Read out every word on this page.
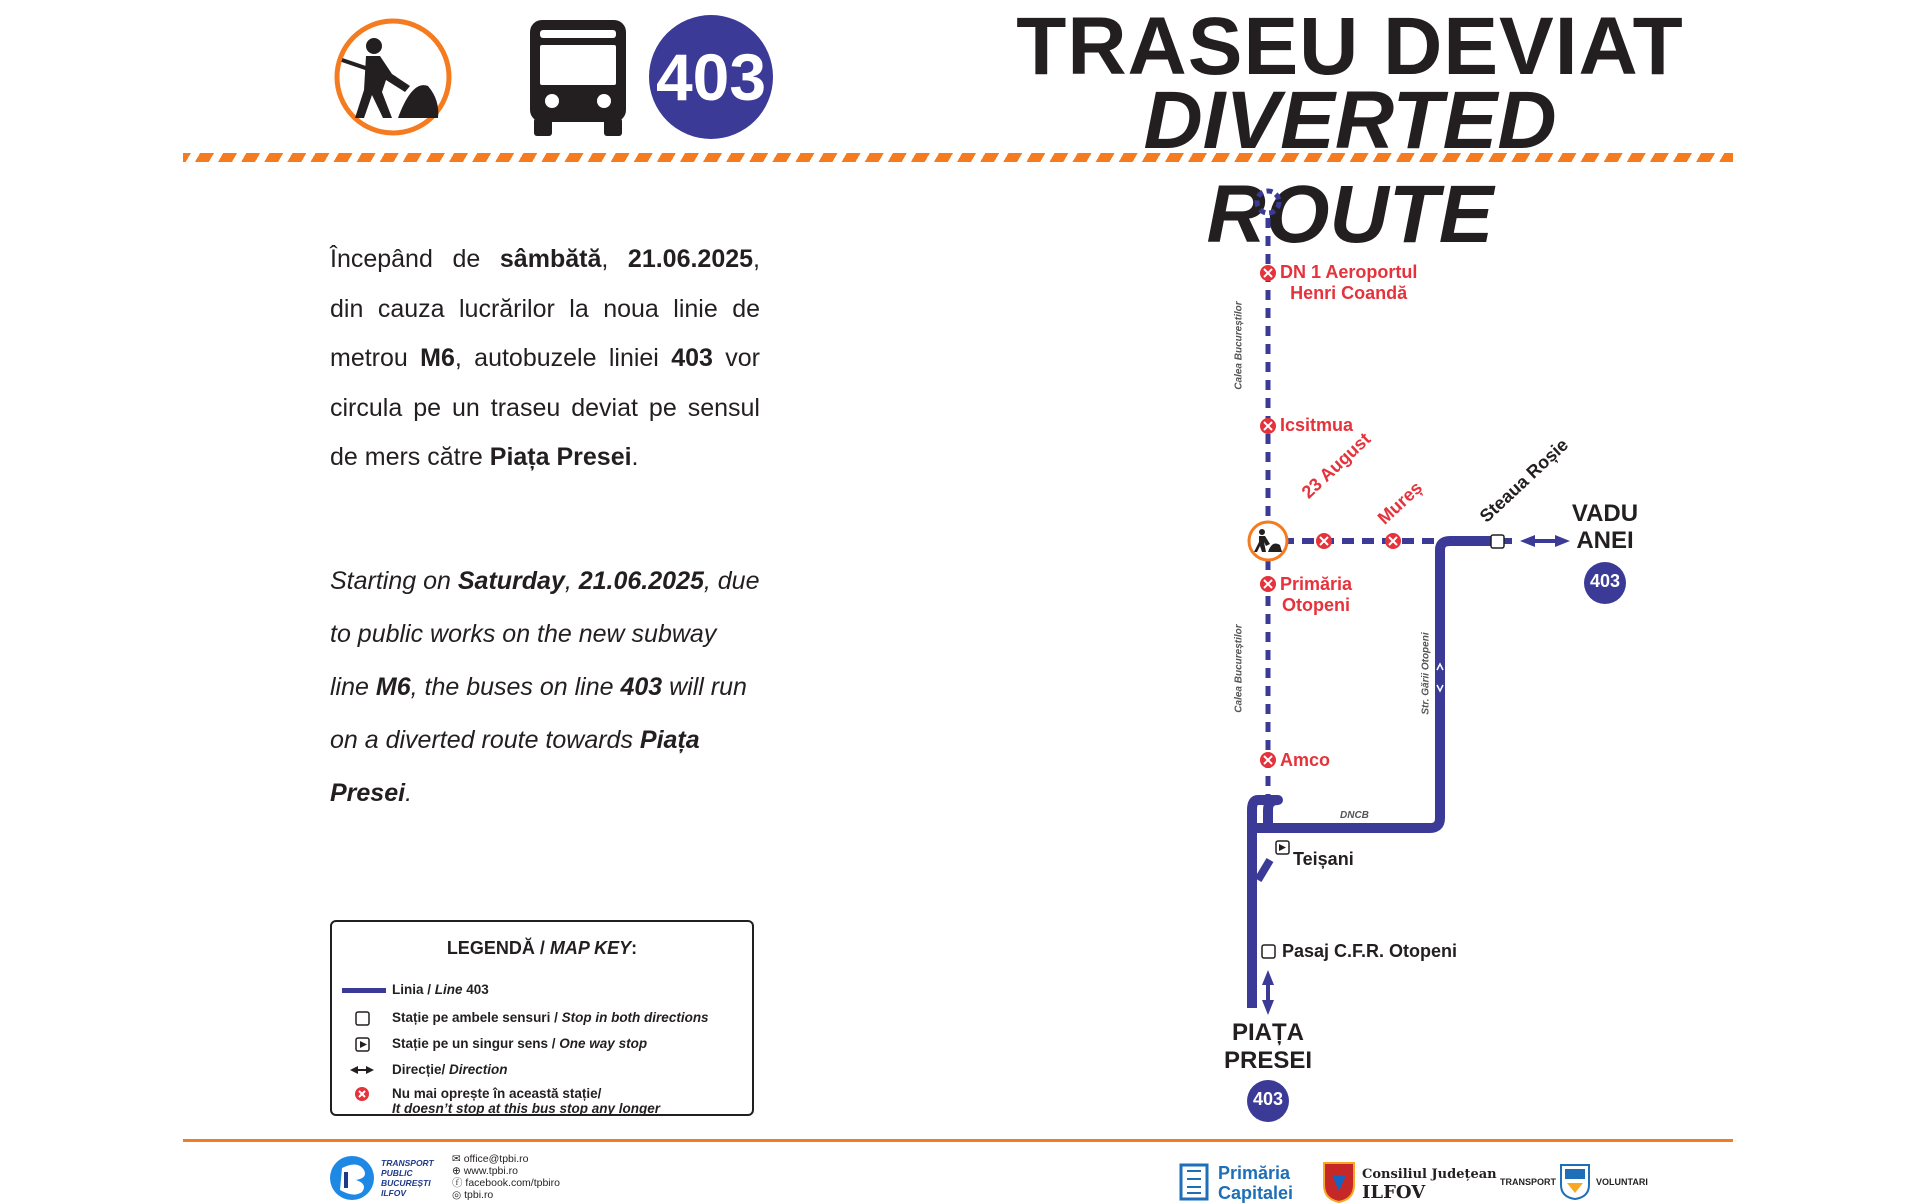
403	TRASEU DEVIAT
DIVERTED ROUTE
Începând de sâmbătă, 21.06.2025, din cauza lucrărilor la noua linie de metrou M6, autobuzele liniei 403 vor circula pe un traseu deviat pe sensul de mers către Piața Presei.
Starting on Saturday, 21.06.2025, due to public works on the new subway line M6, the buses on line 403 will run on a diverted route towards Piața Presei.
LEGENDĂ / MAP KEY:
Linia / Line 403
Stație pe ambele sensuri / Stop in both directions
Stație pe un singur sens / One way stop
Direcție/ Direction
Nu mai oprește în această stație/
It doesn’t stop at this bus stop any longer
DN 1 Aeroportul
Henri Coandă
Icsitmua
23 August
Mureș	Steaua Roșie
Primăria
Otopeni
Amco
Teișani
Pasaj C.F.R. Otopeni
VADU
ANEI
403
PIAȚA
PRESEI
403
Calea Bucureștilor
Calea Bucureștilor	Str. Gării Otopeni
DNCB
TRANSPORT
PUBLIC
BUCUREȘTI
ILFOV
✉ office@tpbi.ro
⊕ www.tpbi.ro
ⓕ facebook.com/tpbiro
◎ tpbi.ro
Primăria
Capitalei
Consiliul Județean
ILFOV	TRANSPORT	VOLUNTARI
